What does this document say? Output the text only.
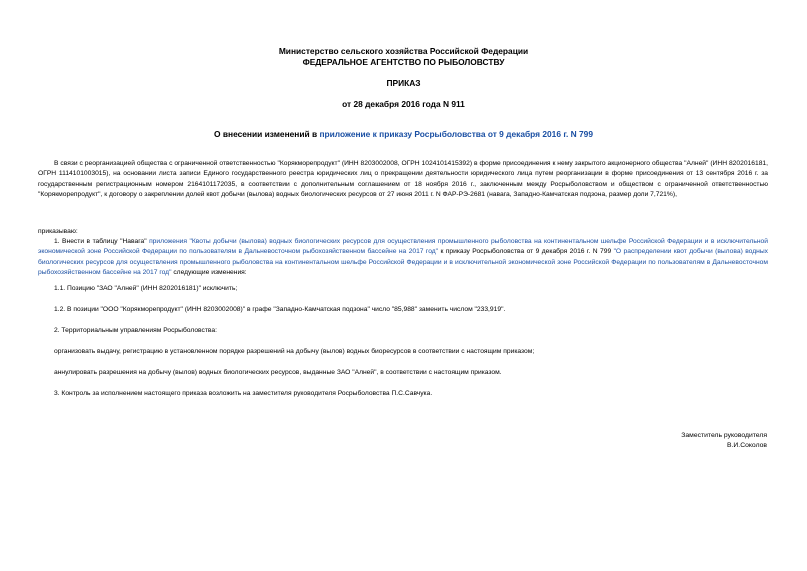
Министерство сельского хозяйства Российской Федерации
ФЕДЕРАЛЬНОЕ АГЕНТСТВО ПО РЫБОЛОВСТВУ
ПРИКАЗ
от 28 декабря 2016 года N 911
О внесении изменений в приложение к приказу Росрыболовства от 9 декабря 2016 г. N 799

В связи с реорганизацией общества с ограниченной ответственностью "Корякморепродукт" (ИНН 8203002008, ОГРН 1024101415392) в форме присоединения к нему закрытого акционерного общества "Алней" (ИНН 8202016181, ОГРН 1114101003015), на основании листа записи Единого государственного реестра юридических лиц о прекращении деятельности юридического лица путем реорганизации в форме присоединения от 13 сентября 2016 г. за государственным регистрационным номером 2164101172035, в соответствии с дополнительным соглашением от 18 ноября 2016 г., заключенным между Росрыболовством и обществом с ограниченной ответственностью "Корякморепродукт", к договору о закреплении долей квот добычи (вылова) водных биологических ресурсов от 27 июня 2011 г. N ФАР-РЭ-2681 (навага, Западно-Камчатская подзона, размер доли 7,721%),

приказываю:

1. Внести в таблицу "Навага" приложения "Квоты добычи (вылова) водных биологических ресурсов для осуществления промышленного рыболовства на континентальном шельфе Российской Федерации и в исключительной экономической зоне Российской Федерации по пользователям в Дальневосточном рыбохозяйственном бассейне на 2017 год" к приказу Росрыболовства от 9 декабря 2016 г. N 799 "О распределении квот добычи (вылова) водных биологических ресурсов для осуществления промышленного рыболовства на континентальном шельфе Российской Федерации и в исключительной экономической зоне Российской Федерации по пользователям в Дальневосточном рыбохозяйственном бассейне на 2017 год" следующие изменения:

1.1. Позицию "ЗАО "Алней" (ИНН 8202016181)" исключить;

1.2. В позиции "ООО "Корякморепродукт" (ИНН 8203002008)" в графе "Западно-Камчатская подзона" число "85,988" заменить числом "233,919".

2. Территориальным управлениям Росрыболовства:

организовать выдачу, регистрацию в установленном порядке разрешений на добычу (вылов) водных биоресурсов в соответствии с настоящим приказом;

аннулировать разрешения на добычу (вылов) водных биологических ресурсов, выданные ЗАО "Алней", в соответствии с настоящим приказом.

3. Контроль за исполнением настоящего приказа возложить на заместителя руководителя Росрыболовства П.С.Савчука.

Заместитель руководителя
В.И.Соколов
